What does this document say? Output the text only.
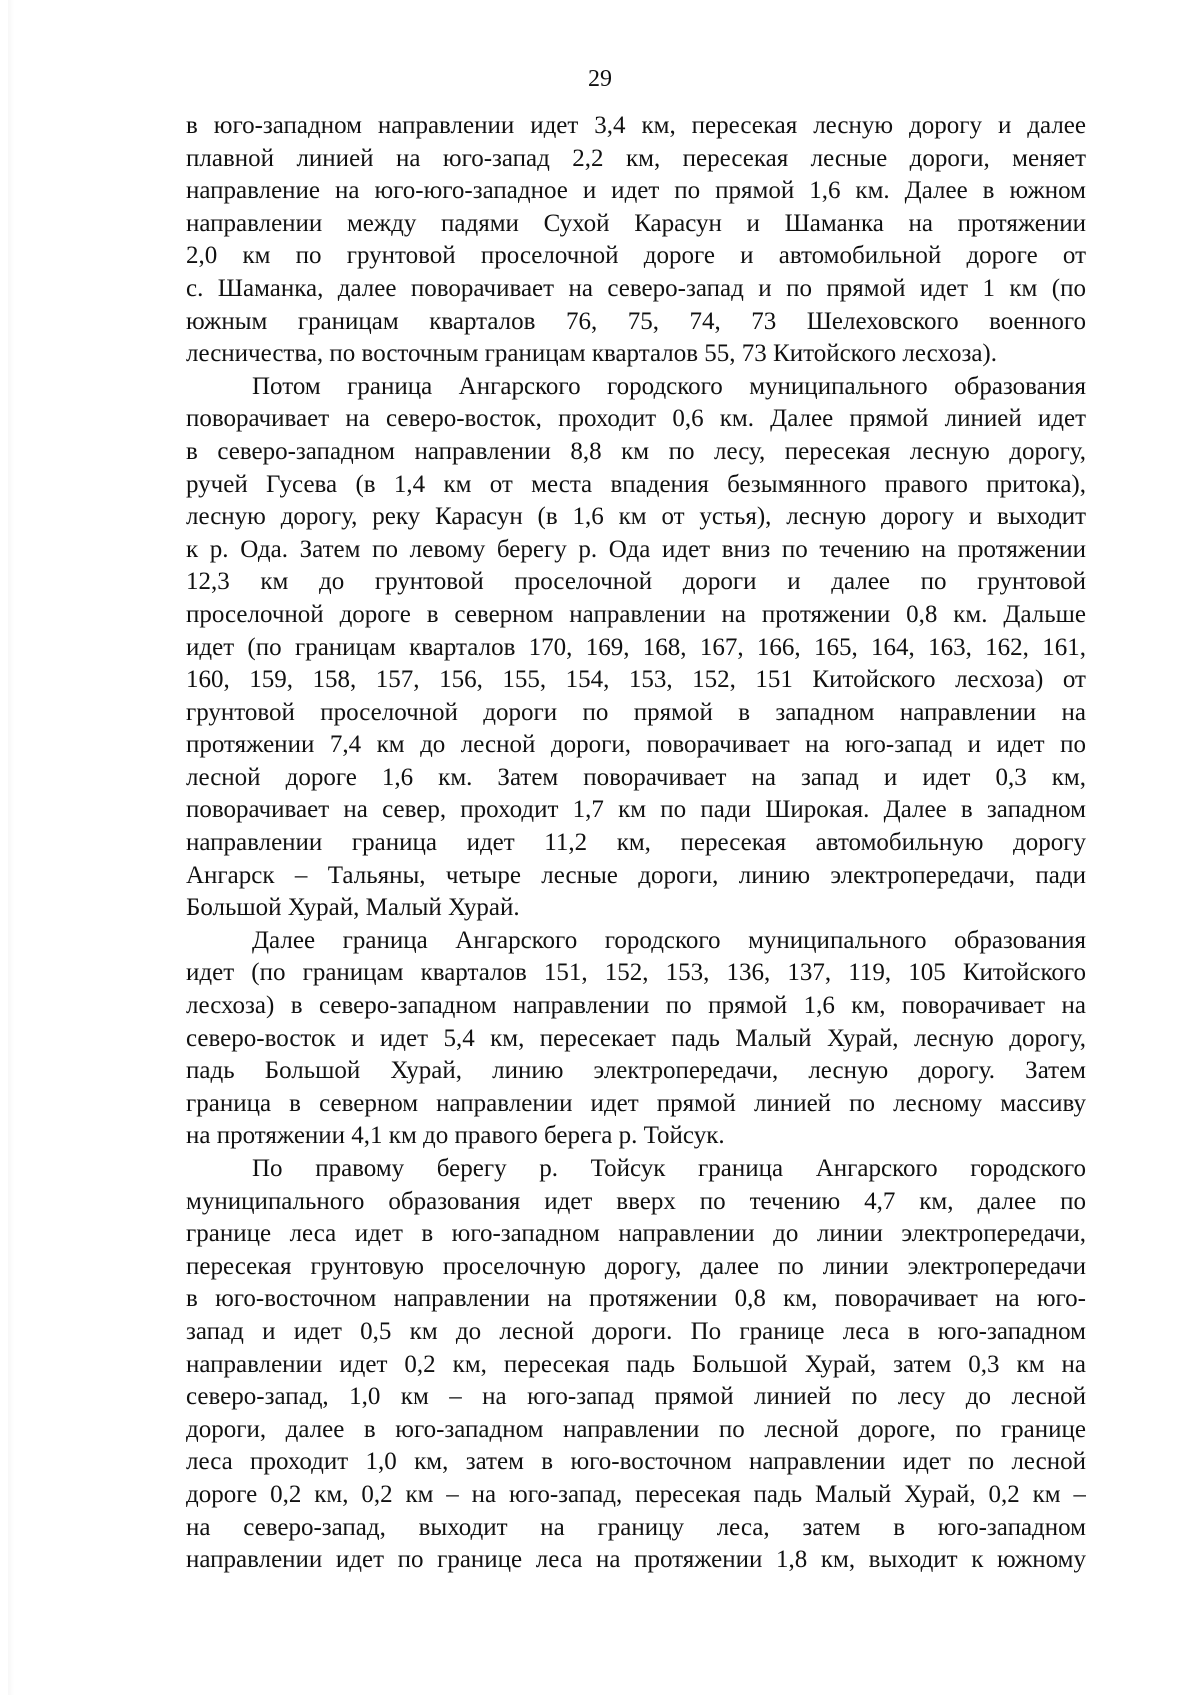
29

в юго-западном направлении идет 3,4 км, пересекая лесную дорогу и далее
плавной линией на юго-запад 2,2 км, пересекая лесные дороги, меняет
направление на юго-юго-западное и идет по прямой 1,6 км. Далее в южном
направлении между падями Сухой Карасун и Шаманка на протяжении
2,0 км по грунтовой проселочной дороге и автомобильной дороге от
с. Шаманка, далее поворачивает на северо-запад и по прямой идет 1 км (по
южным границам кварталов 76, 75, 74, 73 Шелеховского военного
лесничества, по восточным границам кварталов 55, 73 Китойского лесхоза).

Потом граница Ангарского городского муниципального образования
поворачивает на северо-восток, проходит 0,6 км. Далее прямой линией идет
в северо-западном направлении 8,8 км по лесу, пересекая лесную дорогу,
ручей Гусева (в 1,4 км от места впадения безымянного правого притока),
лесную дорогу, реку Карасун (в 1,6 км от устья), лесную дорогу и выходит
к р. Ода. Затем по левому берегу р. Ода идет вниз по течению на протяжении
12,3 км до грунтовой проселочной дороги и далее по грунтовой
проселочной дороге в северном направлении на протяжении 0,8 км. Дальше
идет (по границам кварталов 170, 169, 168, 167, 166, 165, 164, 163, 162, 161,
160, 159, 158, 157, 156, 155, 154, 153, 152, 151 Китойского лесхоза) от
грунтовой проселочной дороги по прямой в западном направлении на
протяжении 7,4 км до лесной дороги, поворачивает на юго-запад и идет по
лесной дороге 1,6 км. Затем поворачивает на запад и идет 0,3 км,
поворачивает на север, проходит 1,7 км по пади Широкая. Далее в западном
направлении граница идет 11,2 км, пересекая автомобильную дорогу
Ангарск – Тальяны, четыре лесные дороги, линию электропередачи, пади
Большой Хурай, Малый Хурай.

Далее граница Ангарского городского муниципального образования
идет (по границам кварталов 151, 152, 153, 136, 137, 119, 105 Китойского
лесхоза) в северо-западном направлении по прямой 1,6 км, поворачивает на
северо-восток и идет 5,4 км, пересекает падь Малый Хурай, лесную дорогу,
падь Большой Хурай, линию электропередачи, лесную дорогу. Затем
граница в северном направлении идет прямой линией по лесному массиву
на протяжении 4,1 км до правого берега р. Тойсук.

По правому берегу р. Тойсук граница Ангарского городского
муниципального образования идет вверх по течению 4,7 км, далее по
границе леса идет в юго-западном направлении до линии электропередачи,
пересекая грунтовую проселочную дорогу, далее по линии электропередачи
в юго-восточном направлении на протяжении 0,8 км, поворачивает на юго-
запад и идет 0,5 км до лесной дороги. По границе леса в юго-западном
направлении идет 0,2 км, пересекая падь Большой Хурай, затем 0,3 км на
северо-запад, 1,0 км – на юго-запад прямой линией по лесу до лесной
дороги, далее в юго-западном направлении по лесной дороге, по границе
леса проходит 1,0 км, затем в юго-восточном направлении идет по лесной
дороге 0,2 км, 0,2 км – на юго-запад, пересекая падь Малый Хурай, 0,2 км –
на северо-запад, выходит на границу леса, затем в юго-западном
направлении идет по границе леса на протяжении 1,8 км, выходит к южному
